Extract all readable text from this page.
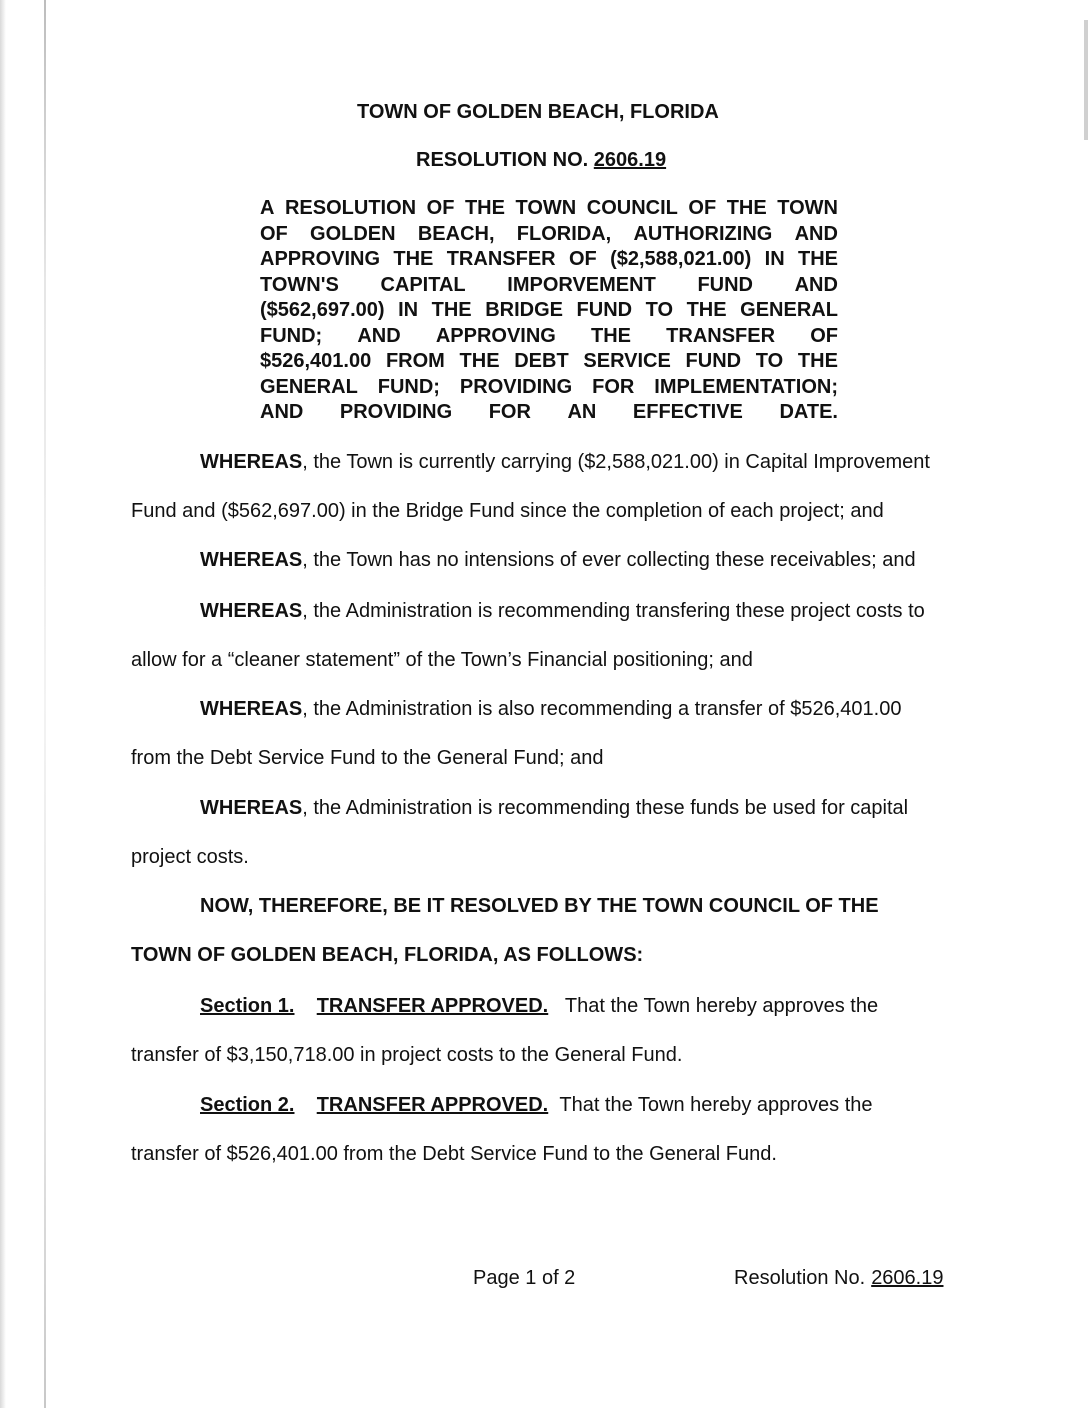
TOWN OF GOLDEN BEACH, FLORIDA
RESOLUTION NO. 2606.19
A RESOLUTION OF THE TOWN COUNCIL OF THE TOWN
OF GOLDEN BEACH, FLORIDA, AUTHORIZING AND
APPROVING THE TRANSFER OF ($2,588,021.00) IN THE
TOWN'S CAPITAL IMPORVEMENT FUND AND
($562,697.00) IN THE BRIDGE FUND TO THE GENERAL
FUND; AND APPROVING THE TRANSFER OF
$526,401.00 FROM THE DEBT SERVICE FUND TO THE
GENERAL FUND; PROVIDING FOR IMPLEMENTATION;
AND PROVIDING FOR AN EFFECTIVE DATE.
WHEREAS, the Town is currently carrying ($2,588,021.00) in Capital Improvement
Fund and ($562,697.00) in the Bridge Fund since the completion of each project; and
WHEREAS, the Town has no intensions of ever collecting these receivables; and
WHEREAS, the Administration is recommending transfering these project costs to
allow for a “cleaner statement” of the Town’s Financial positioning; and
WHEREAS, the Administration is also recommending a transfer of $526,401.00
from the Debt Service Fund to the General Fund; and
WHEREAS, the Administration is recommending these funds be used for capital
project costs.
NOW, THEREFORE, BE IT RESOLVED BY THE TOWN COUNCIL OF THE
TOWN OF GOLDEN BEACH, FLORIDA, AS FOLLOWS:
Section 1. TRANSFER APPROVED. That the Town hereby approves the
transfer of $3,150,718.00 in project costs to the General Fund.
Section 2. TRANSFER APPROVED. That the Town hereby approves the
transfer of $526,401.00 from the Debt Service Fund to the General Fund.
Page 1 of 2	Resolution No. 2606.19
